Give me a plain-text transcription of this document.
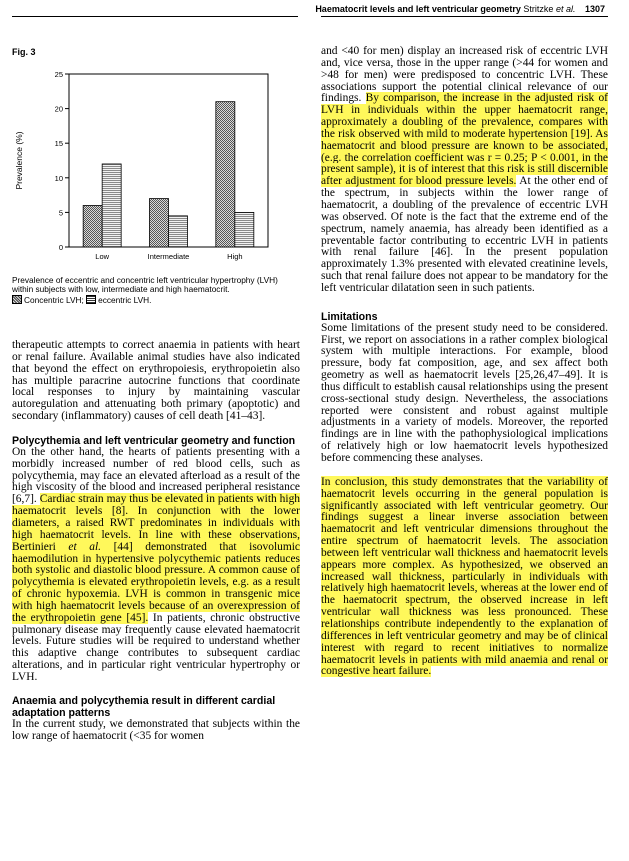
Haematocrit levels and left ventricular geometry Stritzke et al. 1307
Fig. 3
0
5
10
15
20
25
Prevalence (%)
Low	Intermediate	High
Prevalence of eccentric and concentric left ventricular hypertrophy (LVH) within subjects with low, intermediate and high haematocrit.
Concentric LVH; eccentric LVH.

therapeutic attempts to correct anaemia in patients with heart or renal failure. Available animal studies have also indicated that beyond the effect on erythropoiesis, erythropoietin also has multiple paracrine autocrine functions that coordinate local responses to injury by maintaining vascular autoregulation and attenuating both primary (apoptotic) and secondary (inflammatory) causes of cell death [41–43].

Polycythemia and left ventricular geometry and function

On the other hand, the hearts of patients presenting with a morbidly increased number of red blood cells, such as polycythemia, may face an elevated afterload as a result of the high viscosity of the blood and increased peripheral resistance [6,7]. Cardiac strain may thus be elevated in patients with high haematocrit levels [8]. In conjunction with the lower diameters, a raised RWT predominates in individuals with high haematocrit levels. In line with these observations, Bertinieri et al. [44] demonstrated that isovolumic haemodilution in hypertensive polycythemic patients reduces both systolic and diastolic blood pressure. A common cause of polycythemia is elevated erythropoietin levels, e.g. as a result of chronic hypoxemia. LVH is common in transgenic mice with high haematocrit levels because of an overexpression of the erythropoietin gene [45]. In patients, chronic obstructive pulmonary disease may frequently cause elevated haematocrit levels. Future studies will be required to understand whether this adaptive change contributes to subsequent cardiac alterations, and in particular right ventricular hypertrophy or LVH.

Anaemia and polycythemia result in different cardial adaptation patterns

In the current study, we demonstrated that subjects within the low range of haematocrit (<35 for women

and <40 for men) display an increased risk of eccentric LVH and, vice versa, those in the upper range (>44 for women and >48 for men) were predisposed to concentric LVH. These associations support the potential clinical relevance of our findings. By comparison, the increase in the adjusted risk of LVH in individuals within the upper haematocrit range, approximately a doubling of the prevalence, compares with the risk observed with mild to moderate hypertension [19]. As haematocrit and blood pressure are known to be associated, (e.g. the correlation coefficient was r = 0.25; P < 0.001, in the present sample), it is of interest that this risk is still discernible after adjustment for blood pressure levels. At the other end of the spectrum, in subjects within the lower range of haematocrit, a doubling of the prevalence of eccentric LVH was observed. Of note is the fact that the extreme end of the spectrum, namely anaemia, has already been identified as a preventable factor contributing to eccentric LVH in patients with renal failure [46]. In the present population approximately 1.3% presented with elevated creatinine levels, such that renal failure does not appear to be mandatory for the left ventricular dilatation seen in such patients.

Limitations

Some limitations of the present study need to be considered. First, we report on associations in a rather complex biological system with multiple interactions. For example, blood pressure, body fat composition, age, and sex affect both geometry as well as haematocrit levels [25,26,47–49]. It is thus difficult to establish causal relationships using the present cross-sectional study design. Nevertheless, the associations reported were consistent and robust against multiple adjustments in a variety of models. Moreover, the reported findings are in line with the pathophysiological implications of relatively high or low haematocrit levels hypothesized before commencing these analyses.

In conclusion, this study demonstrates that the variability of haematocrit levels occurring in the general population is significantly associated with left ventricular geometry. Our findings suggest a linear inverse association between haematocrit and left ventricular dimensions throughout the entire spectrum of haematocrit levels. The association between left ventricular wall thickness and haematocrit levels appears more complex. As hypothesized, we observed an increased wall thickness, particularly in individuals with relatively high haematocrit levels, whereas at the lower end of the haematocrit spectrum, the observed increase in left ventricular wall thickness was less pronounced. These relationships contribute independently to the explanation of differences in left ventricular geometry and may be of clinical interest with regard to recent initiatives to normalize haematocrit levels in patients with mild anaemia and renal or congestive heart failure.
